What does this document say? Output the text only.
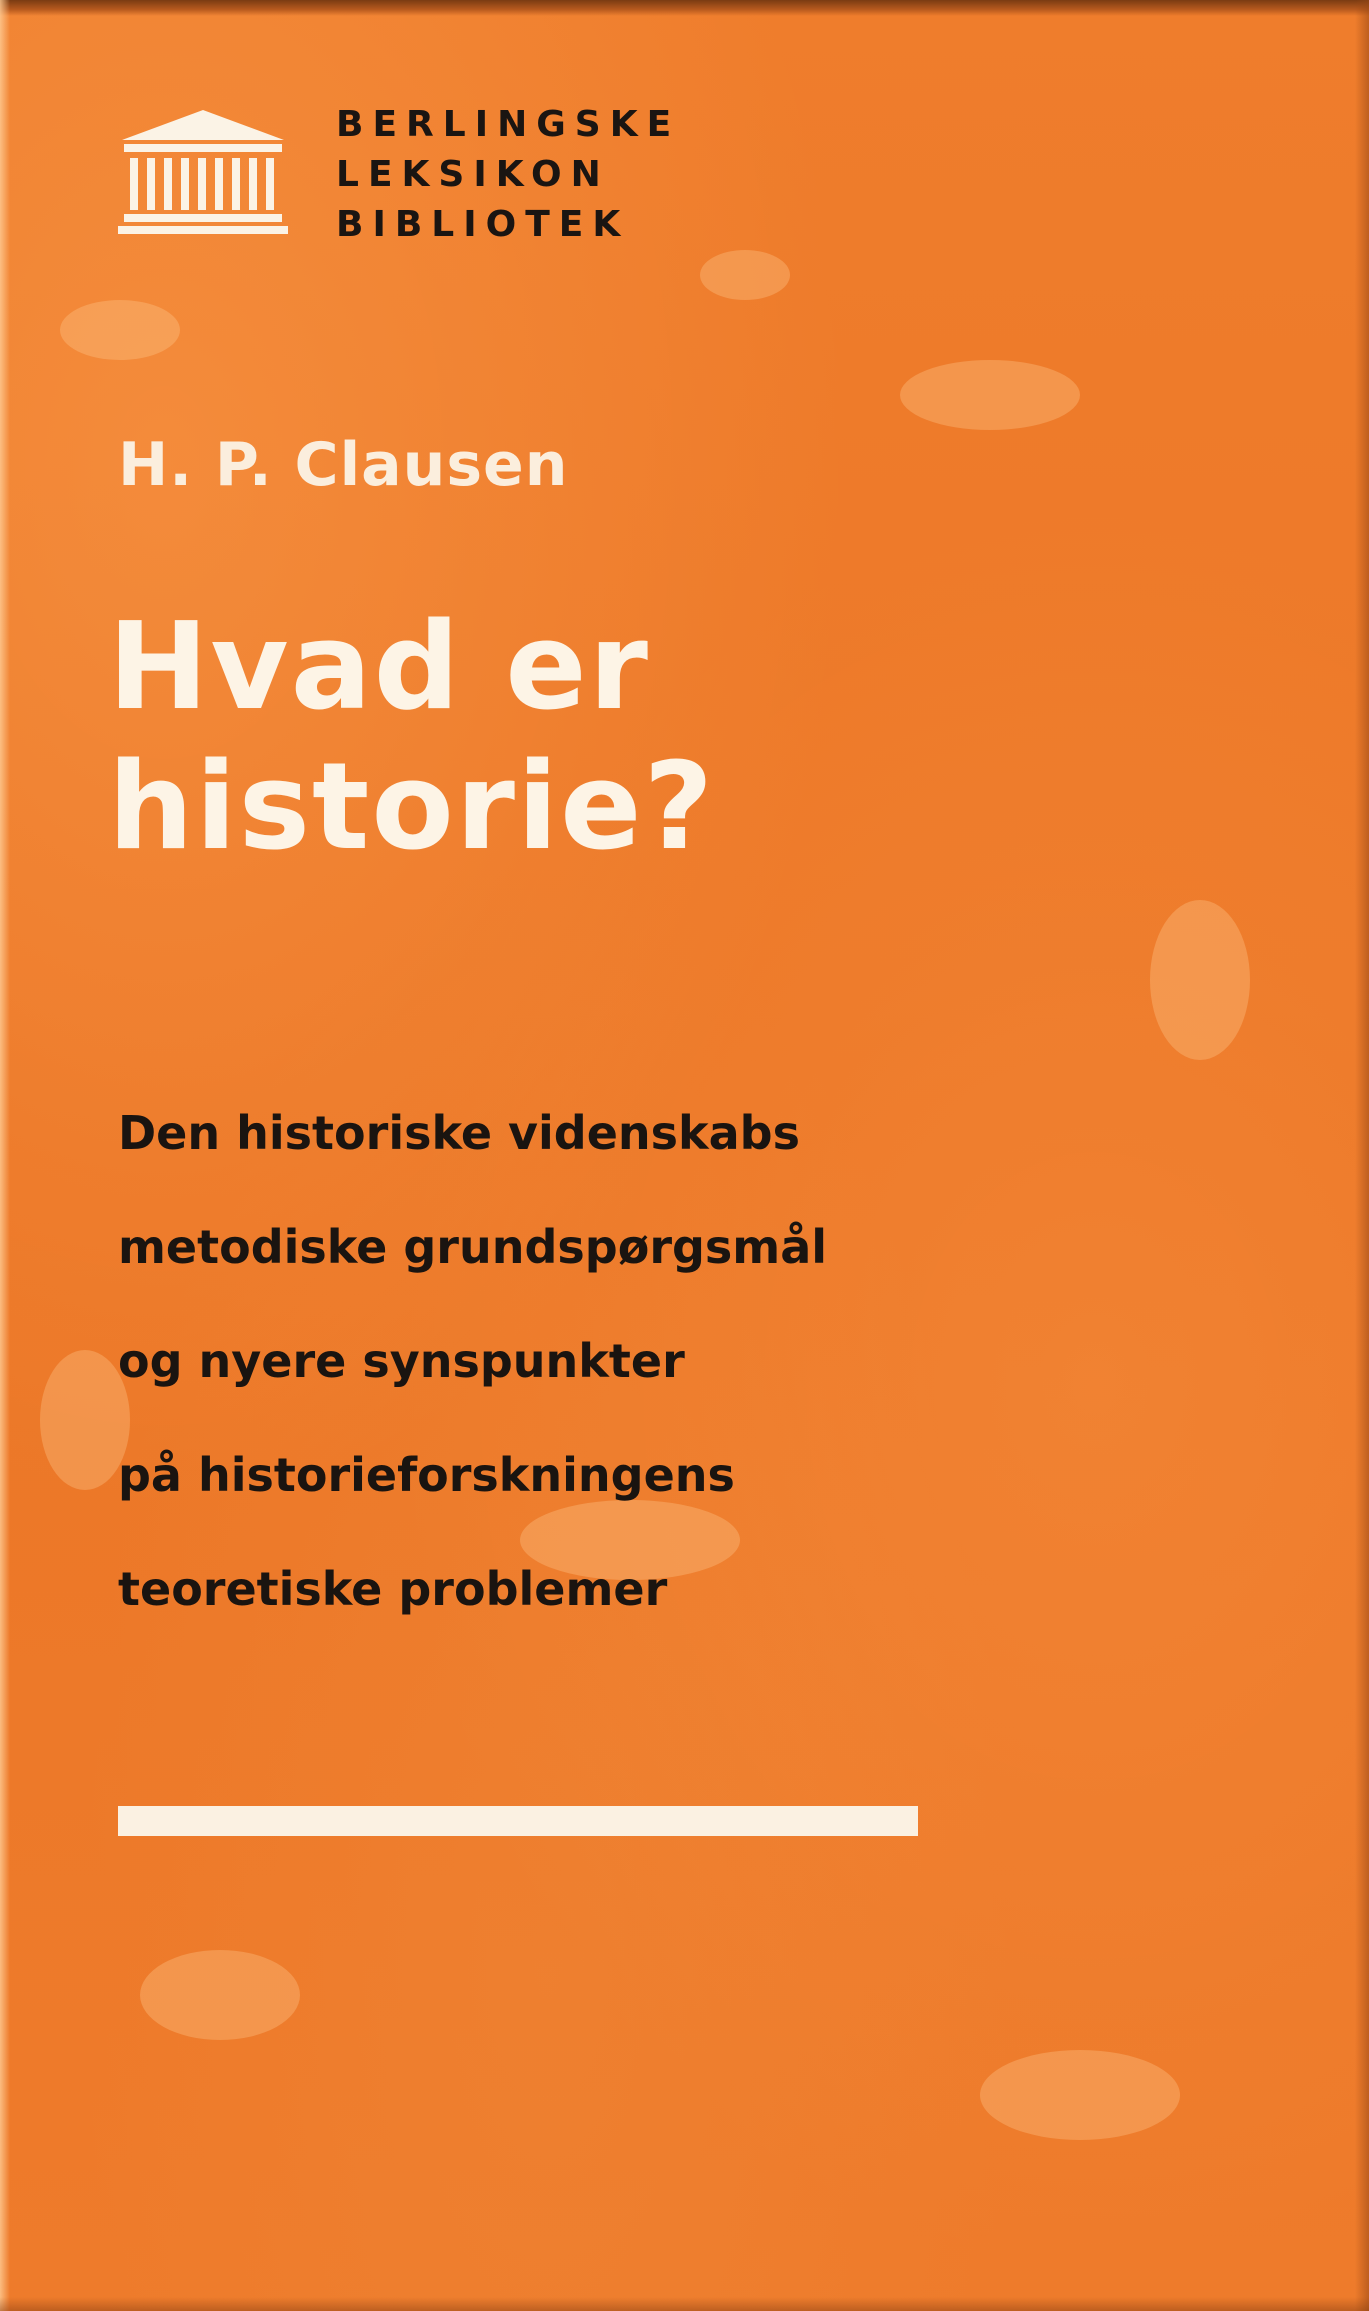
BERLINGSKE
LEKSIKON
BIBLIOTEK
H. P. Clausen
Hvad er
historie?

Den historiske videnskabs
metodiske grundspørgsmål
og nyere synspunkter
på historieforskningens
teoretiske problemer
